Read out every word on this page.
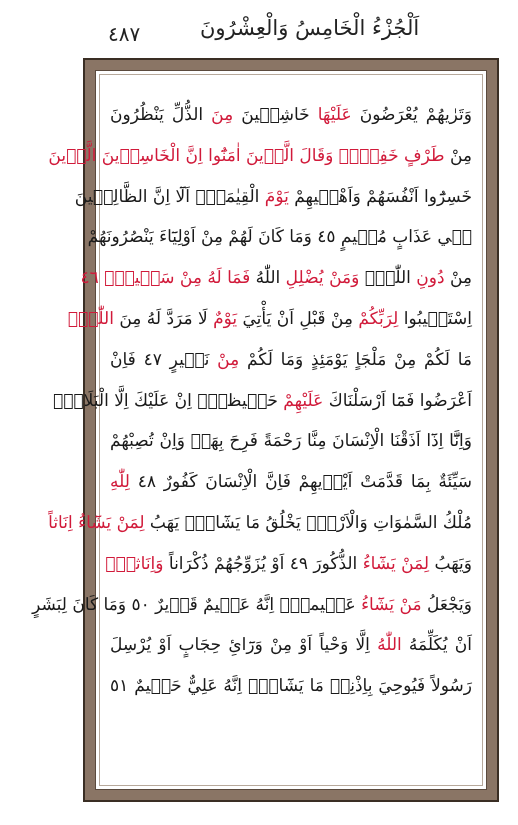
اَلْجُزْءُ الْخَامِسُ وَالْعِشْرُونَ
٤٨٧
وَتَرٰيهُمْ يُعْرَضُونَ عَلَيْهَا خَاشِع۪ينَ مِنَ الذُّلِّ يَنْظُرُونَ
مِنْ طَرْفٍ خَفِيٍّۜ وَقَالَ الَّذ۪ينَ اٰمَنُٓوا اِنَّ الْخَاسِر۪ينَ الَّذ۪ينَ
خَسِرُٓوا اَنْفُسَهُمْ وَاَهْل۪يهِمْ يَوْمَ الْقِيٰمَةِۜ اَلَٓا اِنَّ الظَّالِم۪ينَ
ف۪ي عَذَابٍ مُق۪يمٍ ٤٥ وَمَا كَانَ لَهُمْ مِنْ اَوْلِيَٓاءَ يَنْصُرُونَهُمْ
مِنْ دُونِ اللّٰهِۜ وَمَنْ يُضْلِلِ اللّٰهُ فَمَا لَهُ مِنْ سَب۪يلٍۜ ٤٦
اِسْتَج۪يبُوا لِرَبِّكُمْ مِنْ قَبْلِ اَنْ يَأْتِيَ يَوْمٌ لَا مَرَدَّ لَهُ مِنَ اللّٰهِۜ
مَا لَكُمْ مِنْ مَلْجَاٍ يَوْمَئِذٍ وَمَا لَكُمْ مِنْ نَك۪يرٍ ٤٧ فَاِنْ
اَعْرَضُوا فَمَٓا اَرْسَلْنَاكَ عَلَيْهِمْ حَف۪يظاًۜ اِنْ عَلَيْكَ اِلَّا الْبَلَاغُۜ
وَاِنَّٓا اِذَٓا اَذَقْنَا الْاِنْسَانَ مِنَّا رَحْمَةً فَرِحَ بِهَاۚ وَاِنْ تُصِبْهُمْ
سَيِّئَةٌ بِمَا قَدَّمَتْ اَيْد۪يهِمْ فَاِنَّ الْاِنْسَانَ كَفُورٌ ٤٨ لِلّٰهِ
مُلْكُ السَّمٰوَاتِ وَالْاَرْضِۜ يَخْلُقُ مَا يَشَٓاءُۜ يَهَبُ لِمَنْ يَشَٓاءُ اِنَاثاً
وَيَهَبُ لِمَنْ يَشَٓاءُ الذُّكُورَ ٤٩ اَوْ يُزَوِّجُهُمْ ذُكْرَاناً وَاِنَاثاًۚ
وَيَجْعَلُ مَنْ يَشَٓاءُ عَق۪يماًۜ اِنَّهُ عَل۪يمٌ قَد۪يرٌ ٥٠ وَمَا كَانَ لِبَشَرٍ
اَنْ يُكَلِّمَهُ اللّٰهُ اِلَّا وَحْياً اَوْ مِنْ وَرَٓائِ حِجَابٍ اَوْ يُرْسِلَ
رَسُولاً فَيُوحِيَ بِاِذْنِه۪ مَا يَشَٓاءُۜ اِنَّهُ عَلِيٌّ حَك۪يمٌ ٥١
